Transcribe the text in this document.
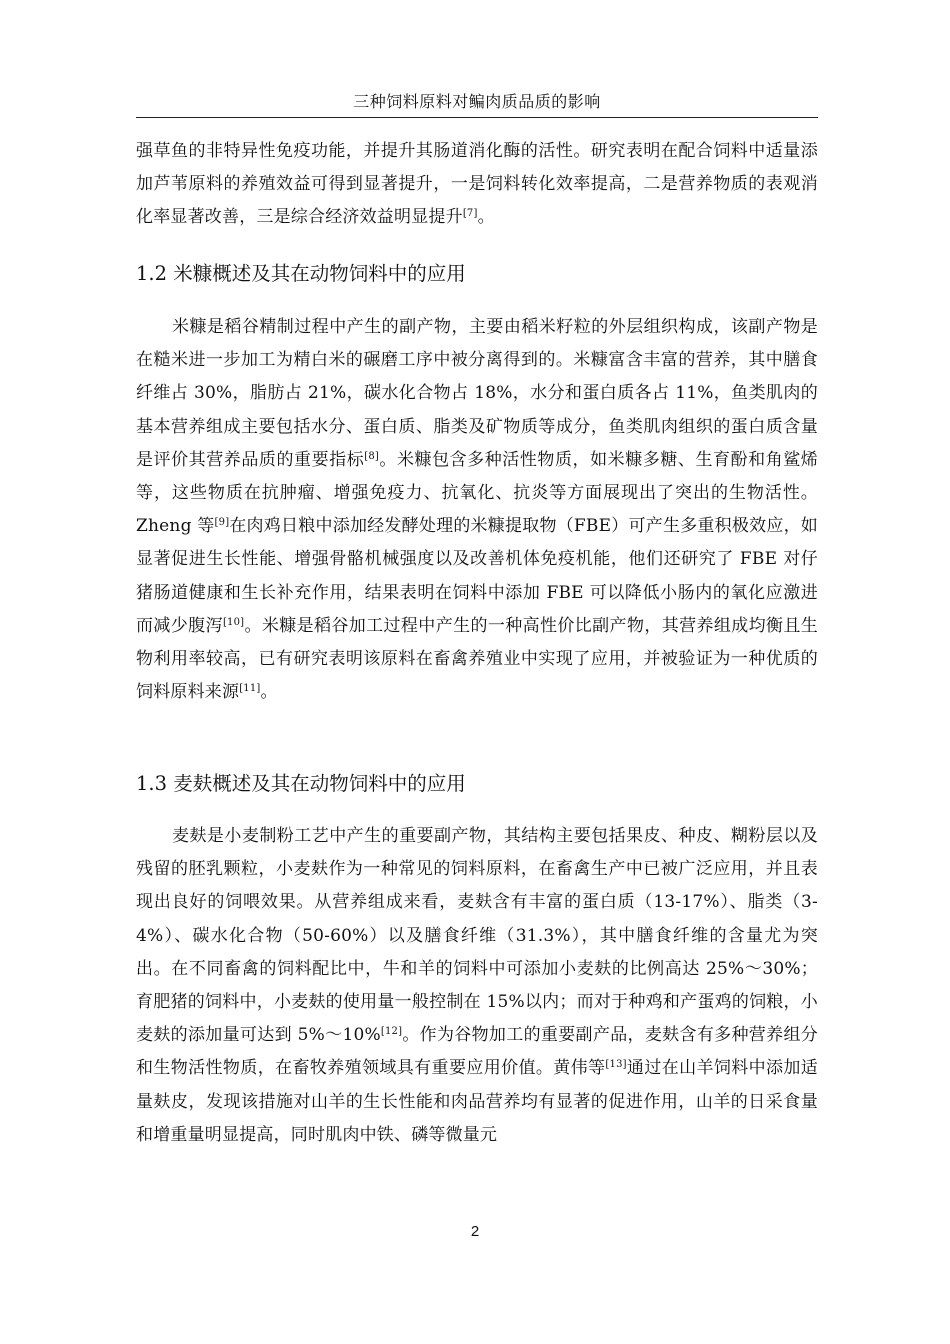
三种饲料原料对鳊肉质品质的影响

强草鱼的非特异性免疫功能，并提升其肠道消化酶的活性。研究表明在配合饲料中适量添加芦苇原料的养殖效益可得到显著提升，一是饲料转化效率提高，二是营养物质的表观消化率显著改善，三是综合经济效益明显提升[7]。

1.2 米糠概述及其在动物饲料中的应用

米糠是稻谷精制过程中产生的副产物，主要由稻米籽粒的外层组织构成，该副产物是在糙米进一步加工为精白米的碾磨工序中被分离得到的。米糠富含丰富的营养，其中膳食纤维占 30%，脂肪占 21%，碳水化合物占 18%，水分和蛋白质各占 11%，鱼类肌肉的基本营养组成主要包括水分、蛋白质、脂类及矿物质等成分，鱼类肌肉组织的蛋白质含量是评价其营养品质的重要指标[8]。米糠包含多种活性物质，如米糠多糖、生育酚和角鲨烯等，这些物质在抗肿瘤、增强免疫力、抗氧化、抗炎等方面展现出了突出的生物活性。Zheng 等[9]在肉鸡日粮中添加经发酵处理的米糠提取物（FBE）可产生多重积极效应，如显著促进生长性能、增强骨骼机械强度以及改善机体免疫机能，他们还研究了 FBE 对仔猪肠道健康和生长补充作用，结果表明在饲料中添加 FBE 可以降低小肠内的氧化应激进而减少腹泻[10]。米糠是稻谷加工过程中产生的一种高性价比副产物，其营养组成均衡且生物利用率较高，已有研究表明该原料在畜禽养殖业中实现了应用，并被验证为一种优质的饲料原料来源[11]。

1.3 麦麸概述及其在动物饲料中的应用

麦麸是小麦制粉工艺中产生的重要副产物，其结构主要包括果皮、种皮、糊粉层以及残留的胚乳颗粒，小麦麸作为一种常见的饲料原料，在畜禽生产中已被广泛应用，并且表现出良好的饲喂效果。从营养组成来看，麦麸含有丰富的蛋白质（13-17%）、脂类（3-4%）、碳水化合物（50-60%）以及膳食纤维（31.3%），其中膳食纤维的含量尤为突出。在不同畜禽的饲料配比中，牛和羊的饲料中可添加小麦麸的比例高达 25%～30%；育肥猪的饲料中，小麦麸的使用量一般控制在 15%以内；而对于种鸡和产蛋鸡的饲粮，小麦麸的添加量可达到 5%～10%[12]。作为谷物加工的重要副产品，麦麸含有多种营养组分和生物活性物质，在畜牧养殖领域具有重要应用价值。黄伟等[13]通过在山羊饲料中添加适量麸皮，发现该措施对山羊的生长性能和肉品营养均有显著的促进作用，山羊的日采食量和增重量明显提高，同时肌肉中铁、磷等微量元

2
